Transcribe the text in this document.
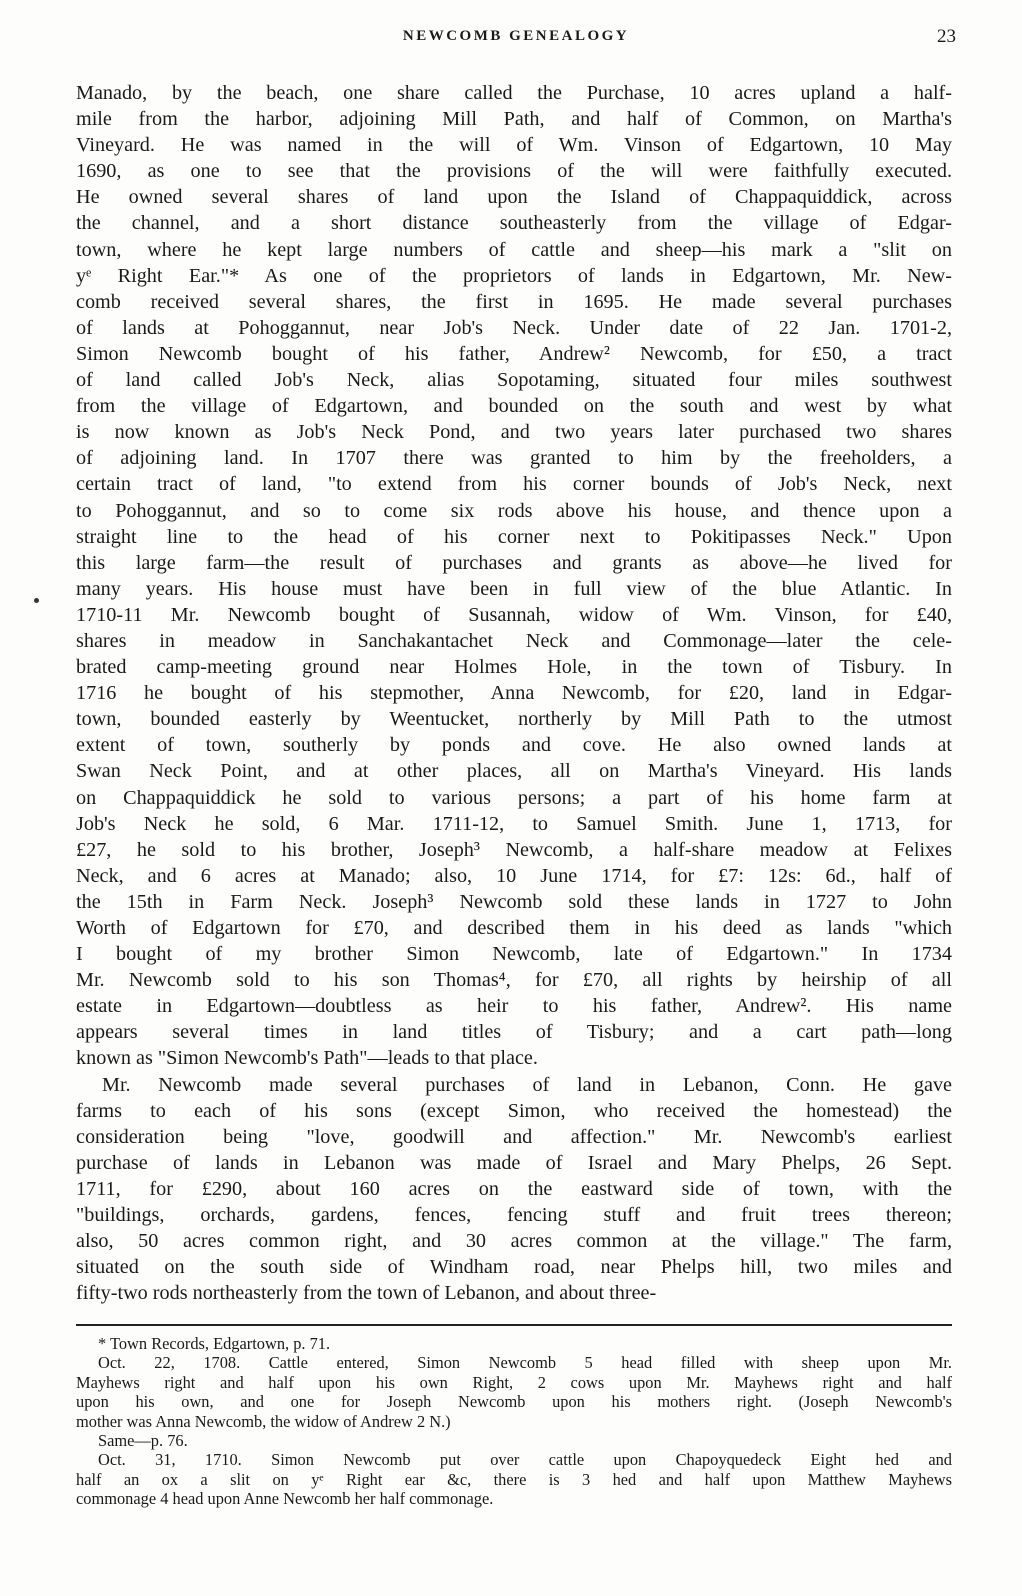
NEWCOMB GENEALOGY	23
Manado, by the beach, one share called the Purchase, 10 acres upland a half-
mile from the harbor, adjoining Mill Path, and half of Common, on Martha's
Vineyard. He was named in the will of Wm. Vinson of Edgartown, 10 May
1690, as one to see that the provisions of the will were faithfully executed.
He owned several shares of land upon the Island of Chappaquiddick, across
the channel, and a short distance southeasterly from the village of Edgar-
town, where he kept large numbers of cattle and sheep—his mark a "slit on
yᵉ Right Ear."* As one of the proprietors of lands in Edgartown, Mr. New-
comb received several shares, the first in 1695. He made several purchases
of lands at Pohoggannut, near Job's Neck. Under date of 22 Jan. 1701-2,
Simon Newcomb bought of his father, Andrew² Newcomb, for £50, a tract
of land called Job's Neck, alias Sopotaming, situated four miles southwest
from the village of Edgartown, and bounded on the south and west by what
is now known as Job's Neck Pond, and two years later purchased two shares
of adjoining land. In 1707 there was granted to him by the freeholders, a
certain tract of land, "to extend from his corner bounds of Job's Neck, next
to Pohoggannut, and so to come six rods above his house, and thence upon a
straight line to the head of his corner next to Pokitipasses Neck." Upon
this large farm—the result of purchases and grants as above—he lived for
many years. His house must have been in full view of the blue Atlantic. In
1710-11 Mr. Newcomb bought of Susannah, widow of Wm. Vinson, for £40,
shares in meadow in Sanchakantachet Neck and Commonage—later the cele-
brated camp-meeting ground near Holmes Hole, in the town of Tisbury. In
1716 he bought of his stepmother, Anna Newcomb, for £20, land in Edgar-
town, bounded easterly by Weentucket, northerly by Mill Path to the utmost
extent of town, southerly by ponds and cove. He also owned lands at
Swan Neck Point, and at other places, all on Martha's Vineyard. His lands
on Chappaquiddick he sold to various persons; a part of his home farm at
Job's Neck he sold, 6 Mar. 1711-12, to Samuel Smith. June 1, 1713, for
£27, he sold to his brother, Joseph³ Newcomb, a half-share meadow at Felixes
Neck, and 6 acres at Manado; also, 10 June 1714, for £7: 12s: 6d., half of
the 15th in Farm Neck. Joseph³ Newcomb sold these lands in 1727 to John
Worth of Edgartown for £70, and described them in his deed as lands "which
I bought of my brother Simon Newcomb, late of Edgartown." In 1734
Mr. Newcomb sold to his son Thomas⁴, for £70, all rights by heirship of all
estate in Edgartown—doubtless as heir to his father, Andrew². His name
appears several times in land titles of Tisbury; and a cart path—long
known as "Simon Newcomb's Path"—leads to that place.
Mr. Newcomb made several purchases of land in Lebanon, Conn. He gave
farms to each of his sons (except Simon, who received the homestead) the
consideration being "love, goodwill and affection." Mr. Newcomb's earliest
purchase of lands in Lebanon was made of Israel and Mary Phelps, 26 Sept.
1711, for £290, about 160 acres on the eastward side of town, with the
"buildings, orchards, gardens, fences, fencing stuff and fruit trees thereon;
also, 50 acres common right, and 30 acres common at the village." The farm,
situated on the south side of Windham road, near Phelps hill, two miles and
fifty-two rods northeasterly from the town of Lebanon, and about three-
* Town Records, Edgartown, p. 71.
Oct. 22, 1708. Cattle entered, Simon Newcomb 5 head filled with sheep upon Mr.
Mayhews right and half upon his own Right, 2 cows upon Mr. Mayhews right and half
upon his own, and one for Joseph Newcomb upon his mothers right. (Joseph Newcomb's
mother was Anna Newcomb, the widow of Andrew 2 N.)
Same—p. 76.
Oct. 31, 1710. Simon Newcomb put over cattle upon Chapoyquedeck Eight hed and
half an ox a slit on yᵉ Right ear &c, there is 3 hed and half upon Matthew Mayhews
commonage 4 head upon Anne Newcomb her half commonage.
